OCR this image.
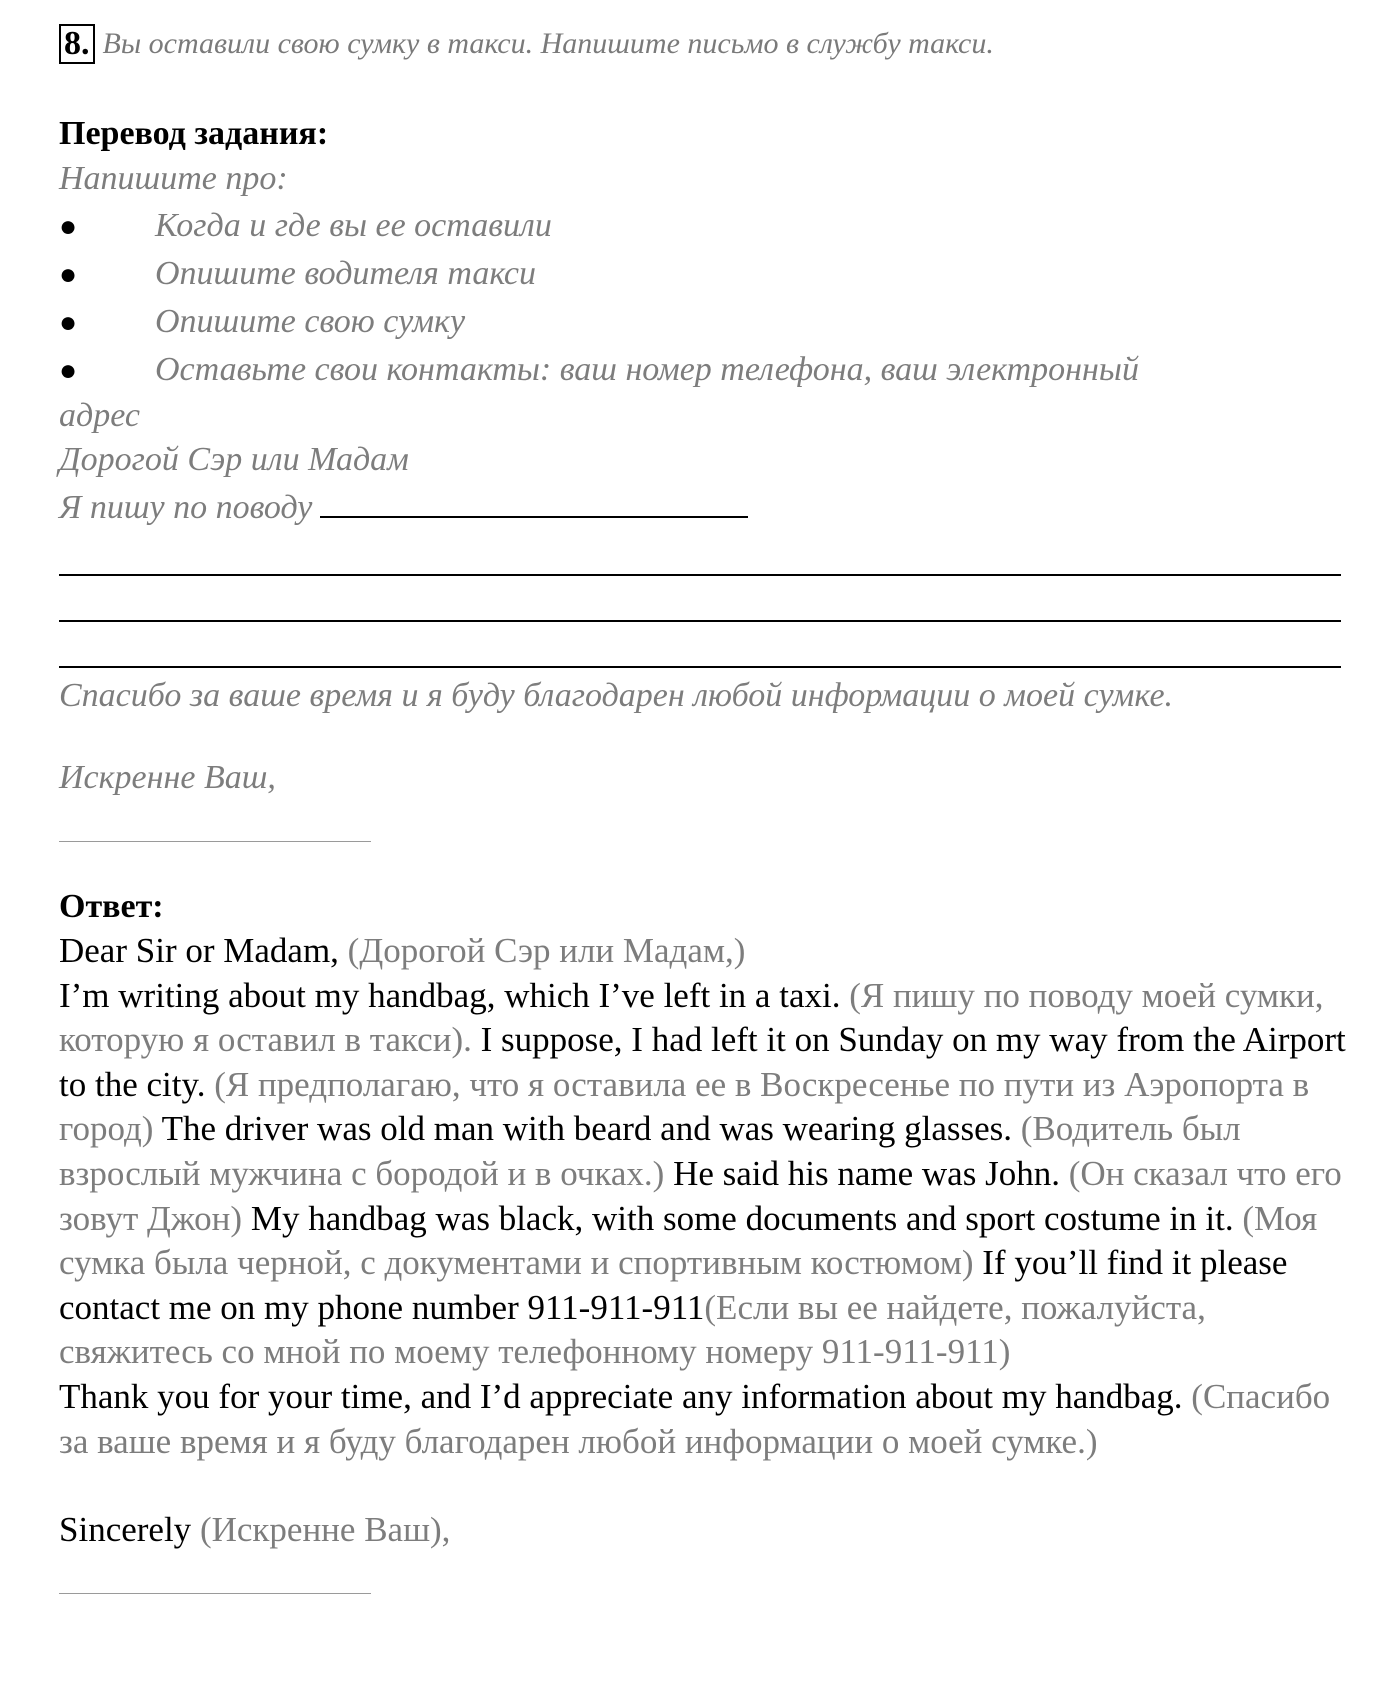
8. Вы оставили свою сумку в такси. Напишите письмо в службу такси.
Перевод задания:
Напишите про:
●	Когда и где вы ее оставили
●	Опишите водителя такси
●	Опишите свою сумку
●	Оставьте свои контакты: ваш номер телефона, ваш электронный
адрес
Дорогой Сэр или Мадам
Я пишу по поводу
Спасибо за ваше время и я буду благодарен любой информации о моей сумке.
Искренне Ваш,
Ответ:
Dear Sir or Madam, (Дорогой Сэр или Мадам,)
I’m writing about my handbag, which I’ve left in a taxi. (Я пишу по поводу моей сумки, которую я оставил в такси). I suppose, I had left it on Sunday on my way from the Airport to the city. (Я предполагаю, что я оставила ее в Воскресенье по пути из Аэропорта в город) The driver was old man with beard and was wearing glasses. (Водитель был взрослый мужчина с бородой и в очках.) He said his name was John. (Он сказал что его зовут Джон) My handbag was black, with some documents and sport costume in it. (Моя сумка была черной, с документами и спортивным костюмом) If you’ll find it please contact me on my phone number 911-911-911(Если вы ее найдете, пожалуйста, свяжитесь со мной по моему телефонному номеру 911-911-911)
Thank you for your time, and I’d appreciate any information about my handbag. (Спасибо за ваше время и я буду благодарен любой информации о моей сумке.)
Sincerely (Искренне Ваш),
